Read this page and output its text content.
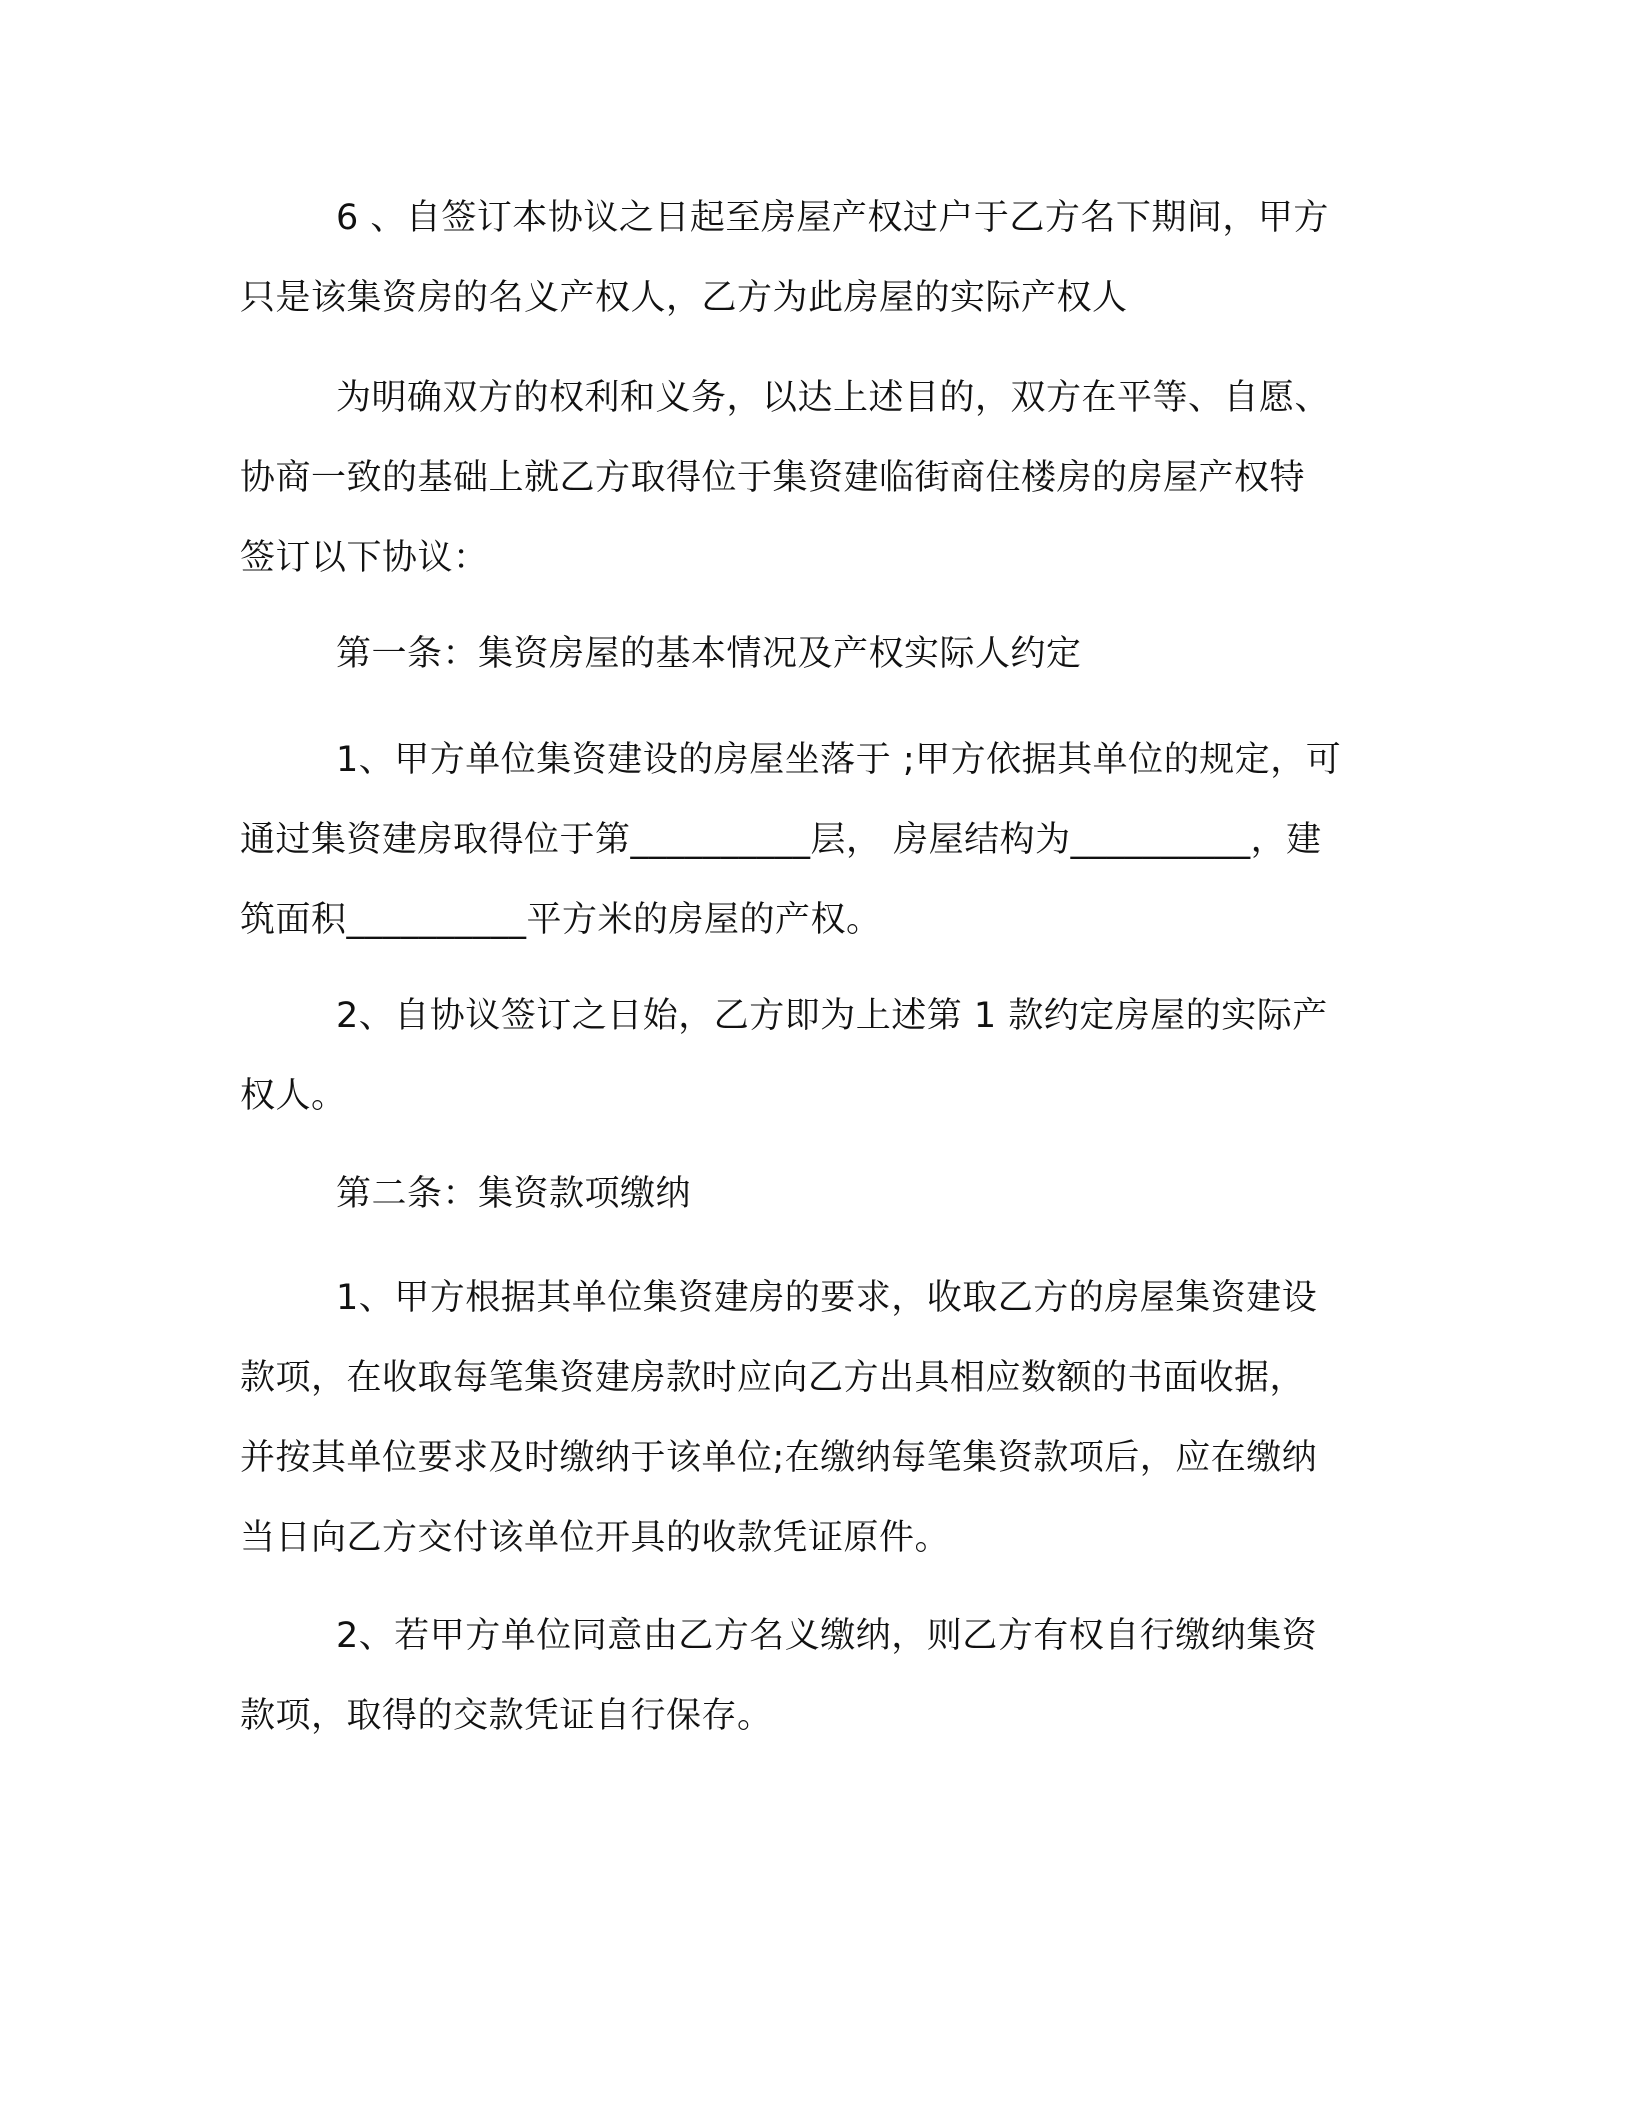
6 、自签订本协议之日起至房屋产权过户于乙方名下期间，甲方
只是该集资房的名义产权人，乙方为此房屋的实际产权人

为明确双方的权利和义务，以达上述目的，双方在平等、自愿、
协商一致的基础上就乙方取得位于集资建临街商住楼房的房屋产权特
签订以下协议：

第一条：集资房屋的基本情况及产权实际人约定

1、甲方单位集资建设的房屋坐落于 ;甲方依据其单位的规定，可
通过集资建房取得位于第__________层， 房屋结构为__________，建
筑面积__________平方米的房屋的产权。

2、自协议签订之日始，乙方即为上述第 1 款约定房屋的实际产
权人。

第二条：集资款项缴纳

1、甲方根据其单位集资建房的要求，收取乙方的房屋集资建设
款项，在收取每笔集资建房款时应向乙方出具相应数额的书面收据，
并按其单位要求及时缴纳于该单位;在缴纳每笔集资款项后，应在缴纳
当日向乙方交付该单位开具的收款凭证原件。

2、若甲方单位同意由乙方名义缴纳，则乙方有权自行缴纳集资
款项，取得的交款凭证自行保存。
